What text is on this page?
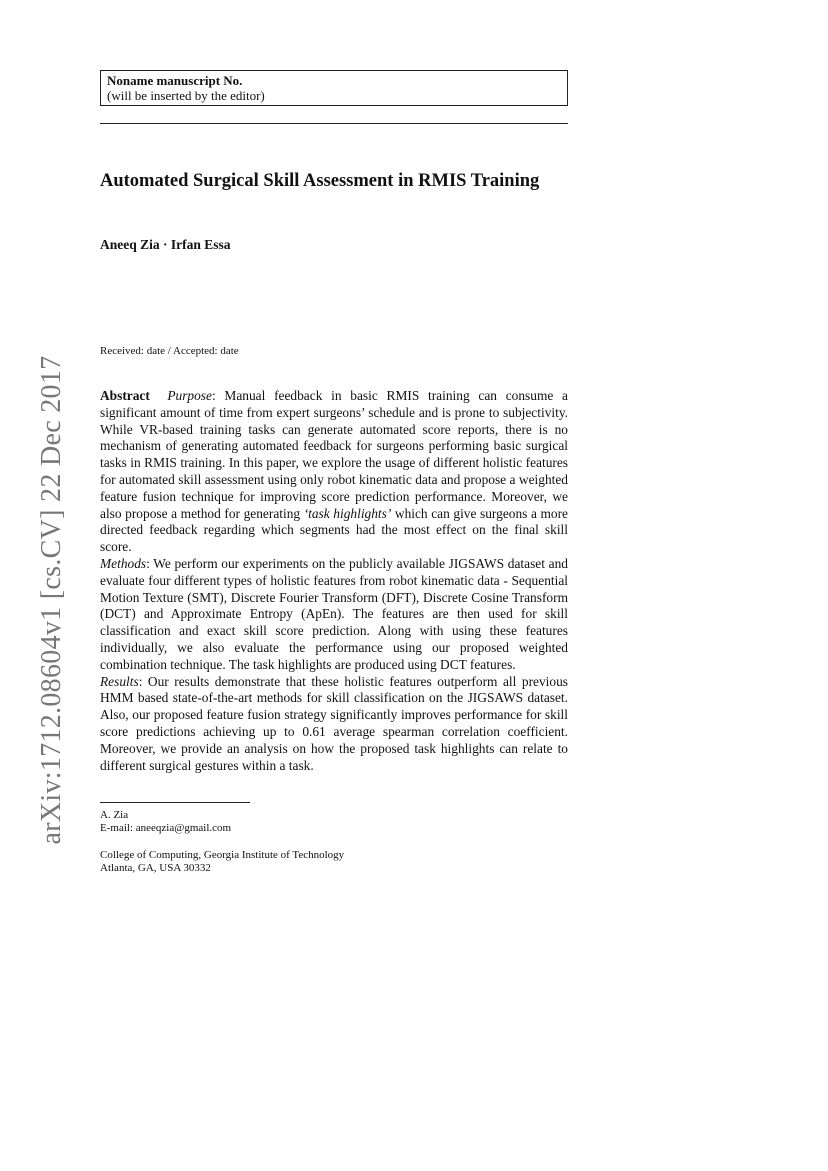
arXiv:1712.08604v1 [cs.CV] 22 Dec 2017
Noname manuscript No.
(will be inserted by the editor)
Automated Surgical Skill Assessment in RMIS Training
Aneeq Zia · Irfan Essa
Received: date / Accepted: date

Abstract Purpose: Manual feedback in basic RMIS training can consume a significant amount of time from expert surgeons’ schedule and is prone to subjectivity. While VR-based training tasks can generate automated score reports, there is no mechanism of generating automated feedback for surgeons performing basic surgical tasks in RMIS training. In this paper, we explore the usage of different holistic features for automated skill assessment using only robot kinematic data and propose a weighted feature fusion technique for improving score prediction performance. Moreover, we also propose a method for generating ‘task highlights’ which can give surgeons a more directed feedback regarding which segments had the most effect on the final skill score.

Methods: We perform our experiments on the publicly available JIGSAWS dataset and evaluate four different types of holistic features from robot kinematic data - Sequential Motion Texture (SMT), Discrete Fourier Transform (DFT), Discrete Cosine Transform (DCT) and Approximate Entropy (ApEn). The features are then used for skill classification and exact skill score prediction. Along with using these features individually, we also evaluate the performance using our proposed weighted combination technique. The task highlights are produced using DCT features.

Results: Our results demonstrate that these holistic features outperform all previous HMM based state-of-the-art methods for skill classification on the JIGSAWS dataset. Also, our proposed feature fusion strategy significantly improves performance for skill score predictions achieving up to 0.61 average spearman correlation coefficient. Moreover, we provide an analysis on how the proposed task highlights can relate to different surgical gestures within a task.

A. Zia
E-mail: aneeqzia@gmail.com
College of Computing, Georgia Institute of Technology
Atlanta, GA, USA 30332
